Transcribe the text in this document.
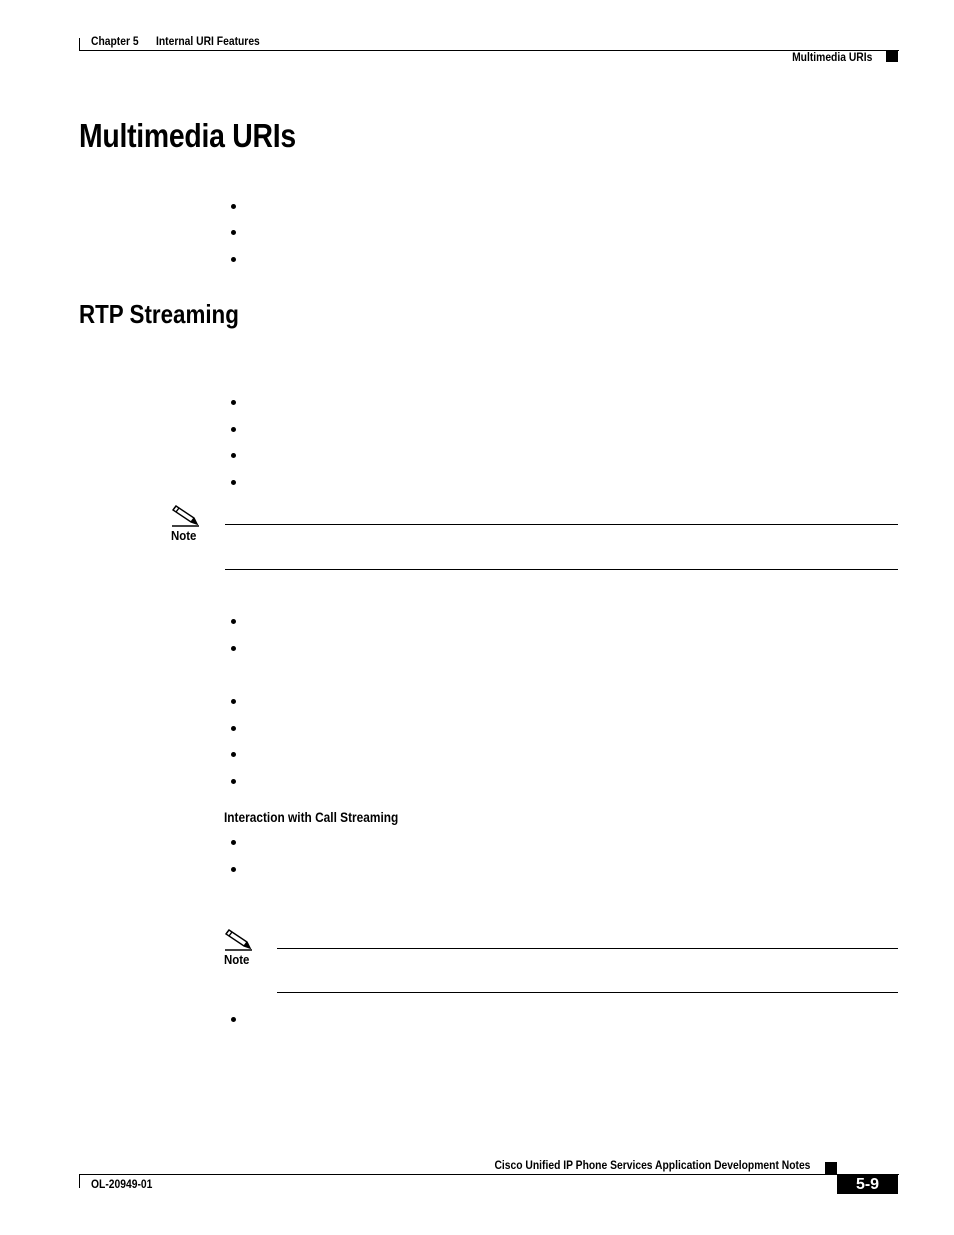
Chapter 5 Internal URI Features
Multimedia URIs
Multimedia URIs
RTP Streaming
Note
Interaction with Call Streaming
Note
Cisco Unified IP Phone Services Application Development Notes
OL-20949-01	5-9
